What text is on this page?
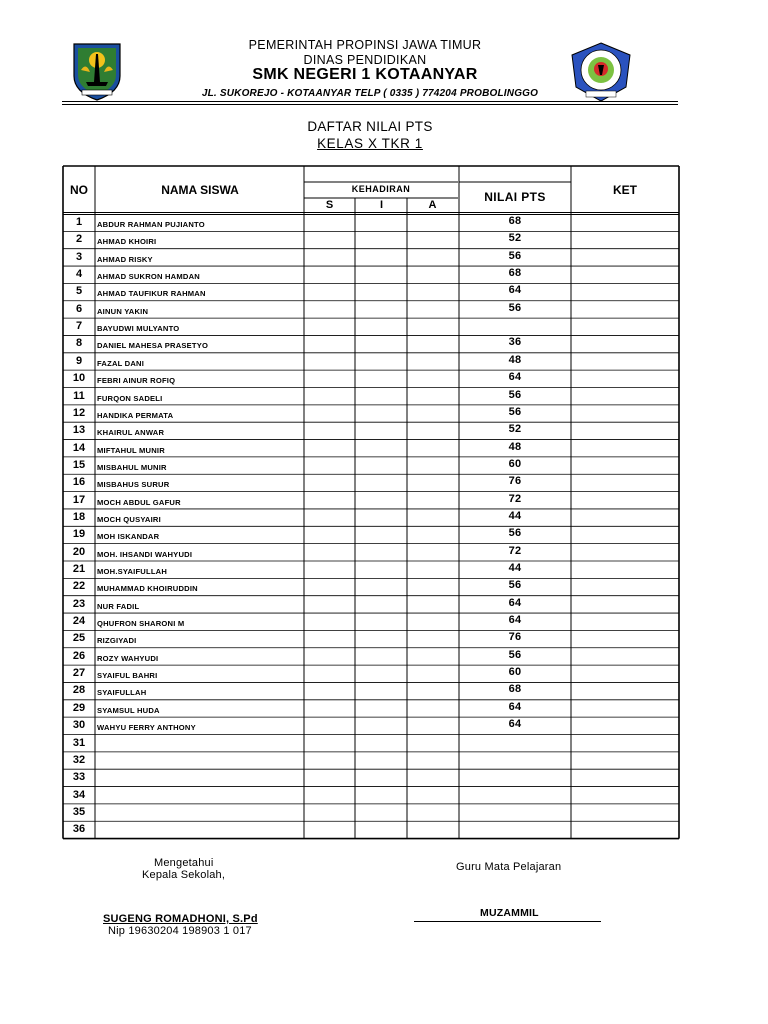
PEMERINTAH PROPINSI JAWA TIMUR
DINAS PENDIDIKAN
SMK NEGERI 1 KOTAANYAR
JL. SUKOREJO - KOTAANYAR TELP ( 0335 ) 774204 PROBOLINGGO
DAFTAR NILAI PTS
KELAS X TKR 1
NO	NAMA SISWA	KEHADIRAN
S	I	A
NILAI PTS	KET
1	ABDUR RAHMAN PUJIANTO	68
2	AHMAD KHOIRI	52
3	AHMAD RISKY	56
4	AHMAD SUKRON HAMDAN	68
5	AHMAD TAUFIKUR RAHMAN	64
6	AINUN YAKIN	56
7	BAYUDWI MULYANTO
8	DANIEL MAHESA PRASETYO	36
9	FAZAL DANI	48
10	FEBRI AINUR ROFIQ	64
11	FURQON SADELI	56
12	HANDIKA PERMATA	56
13	KHAIRUL ANWAR	52
14	MIFTAHUL MUNIR	48
15	MISBAHUL MUNIR	60
16	MISBAHUS SURUR	76
17	MOCH ABDUL GAFUR	72
18	MOCH QUSYAIRI	44
19	MOH ISKANDAR	56
20	MOH. IHSANDI WAHYUDI	72
21	MOH.SYAIFULLAH	44
22	MUHAMMAD KHOIRUDDIN	56
23	NUR FADIL	64
24	QHUFRON SHARONI M	64
25	RIZGIYADI	76
26	ROZY WAHYUDI	56
27	SYAIFUL BAHRI	60
28	SYAIFULLAH	68
29	SYAMSUL HUDA	64
30	WAHYU FERRY ANTHONY	64
31
32
33
34
35
36
Mengetahui
Kepala Sekolah,
SUGENG ROMADHONI, S.Pd
Nip 19630204 198903 1 017
Guru Mata Pelajaran
MUZAMMIL
